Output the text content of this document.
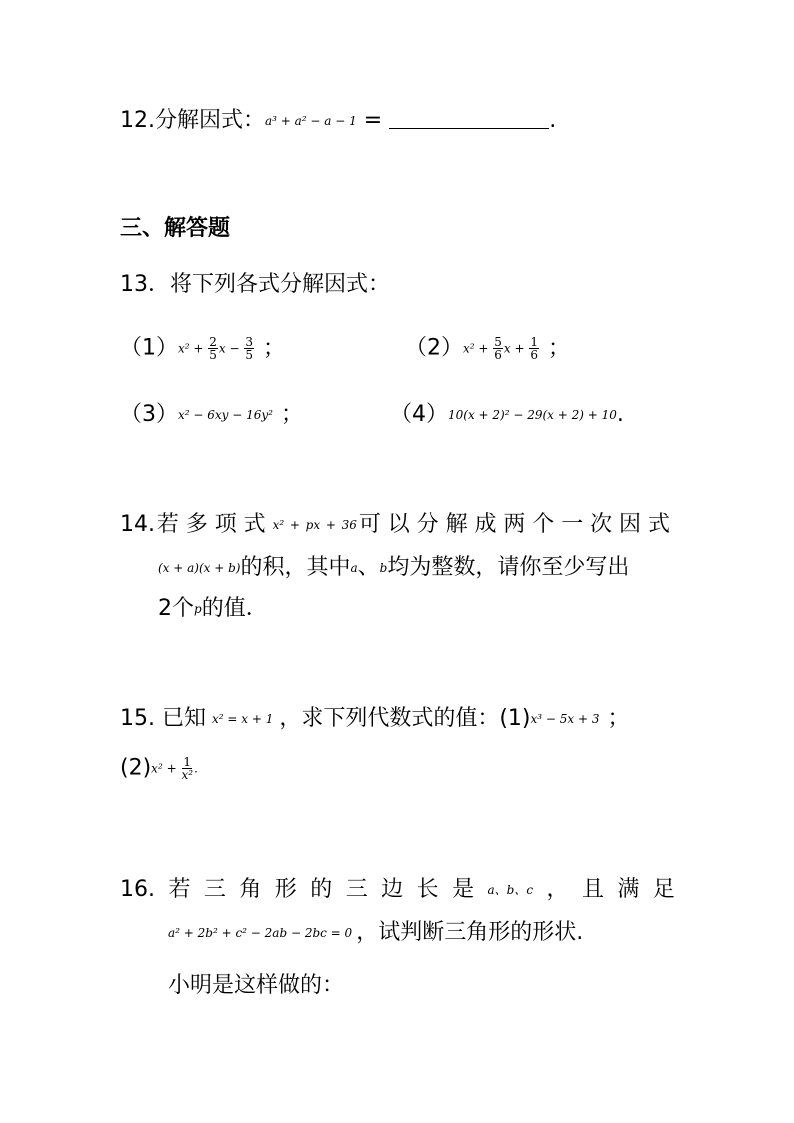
12.分解因式：a³ + a² − a − 1 =	.
三、解答题
13．将下列各式分解因式：
$(1)x^2 + \frac{2}{5}$ $x - \frac{3}{5}$ ；	$(2)x^2 + \frac{5}{6}$ $x + \frac{1}{6}$ ；
（3）x² − 6xy − 16y² ；	（4）10(x + 2)² − 29(x + 2) + 10.
14.若多项式x² + px + 36可以分解成两个一次因式
(x + a)(x + b)的积，其中a、b均为整数，请你至少写出
2个p的值．
15. 已知 x² = x + 1 ，求下列代数式的值：(1)x³ − 5x + 3 ；
$(2)x^2 + \frac{1}{\text{x²}}$ .
16. 若 三 角 形 的 三 边 长 是 a、b、c ， 且 满 足
a² + 2b² + c² − 2ab − 2bc = 0 ，试判断三角形的形状.
小明是这样做的：
